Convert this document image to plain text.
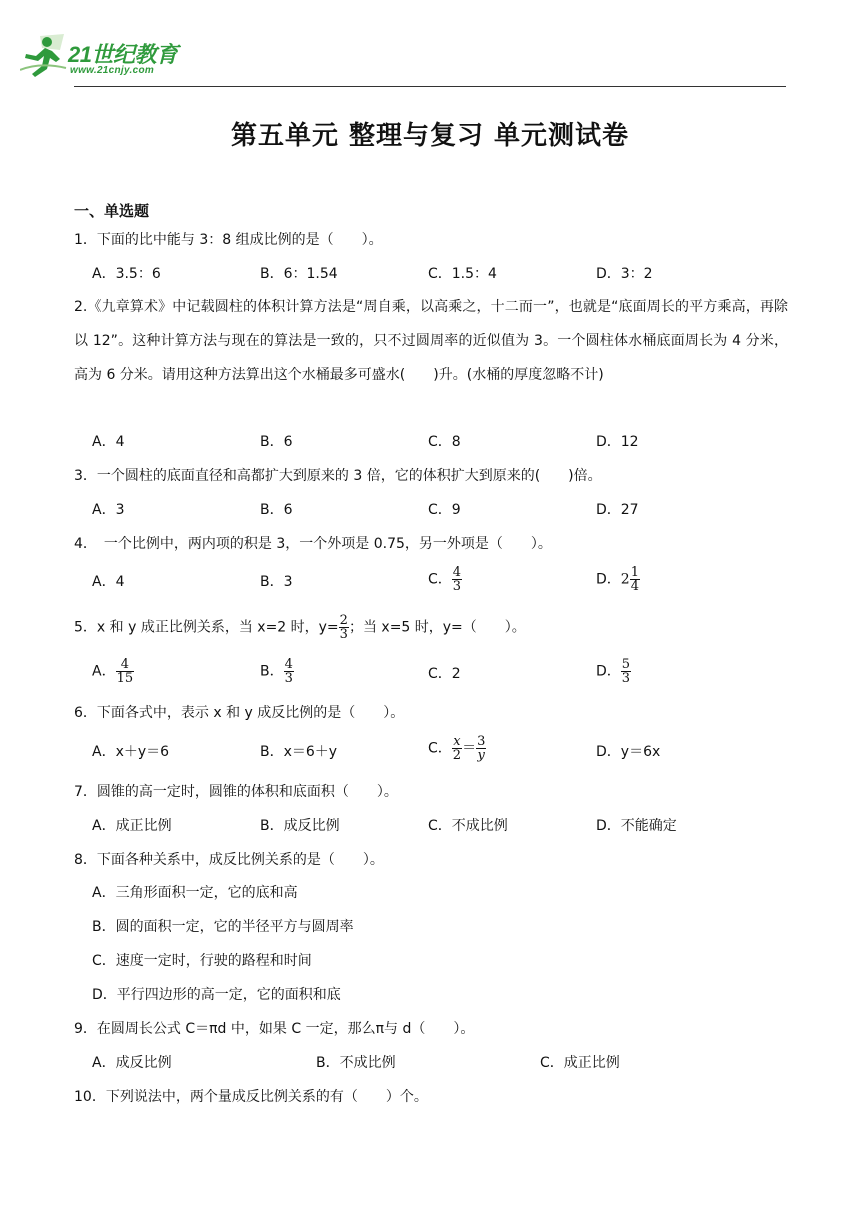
21世纪教育
www.21cnjy.com
第五单元 整理与复习 单元测试卷
一、单选题
1．下面的比中能与 3：8 组成比例的是（　　）。
A．3.5：6	B．6：1.54	C．1.5：4	D．3：2
2.《九章算术》中记载圆柱的体积计算方法是“周自乘，以高乘之，十二而一”，也就是“底面周长的平方乘高，再除以 12”。这种计算方法与现在的算法是一致的，只不过圆周率的近似值为 3。一个圆柱体水桶底面周长为 4 分米，高为 6 分米。请用这种方法算出这个水桶最多可盛水(　　)升。(水桶的厚度忽略不计)
A．4	B．6	C．8	D．12
3．一个圆柱的底面直径和高都扩大到原来的 3 倍，它的体积扩大到原来的(　　)倍。
A．3	B．6	C．9	D．27
4．　一个比例中，两内项的积是 3，一个外项是 0.75，另一外项是（　　）。
A．4	B．3	C． $\frac{4}{3}$	D．$2 \frac{1}{4}$
5．x 和 y 成正比例关系，当 x=2 时，$y= \frac{2}{3}$ ；当 x=5 时，y=（　　）。
A． $\frac{4}{15}$	B． $\frac{4}{3}$	C．2	D． $\frac{5}{3}$
6．下面各式中，表示 x 和 y 成反比例的是（　　）。
A．x＋y＝6	B．x＝6＋y	C． $\frac{x}{2} = \frac{3}{y}$	D．y＝6x
7．圆锥的高一定时，圆锥的体积和底面积（　　）。
A．成正比例	B．成反比例	C．不成比例	D．不能确定
8．下面各种关系中，成反比例关系的是（　　）。
A．三角形面积一定，它的底和高
B．圆的面积一定，它的半径平方与圆周率
C．速度一定时，行驶的路程和时间
D．平行四边形的高一定，它的面积和底
9．在圆周长公式 C＝πd 中，如果 C 一定，那么π与 d（　　）。
A．成反比例	B．不成比例	C．成正比例
10．下列说法中，两个量成反比例关系的有（　　）个。
